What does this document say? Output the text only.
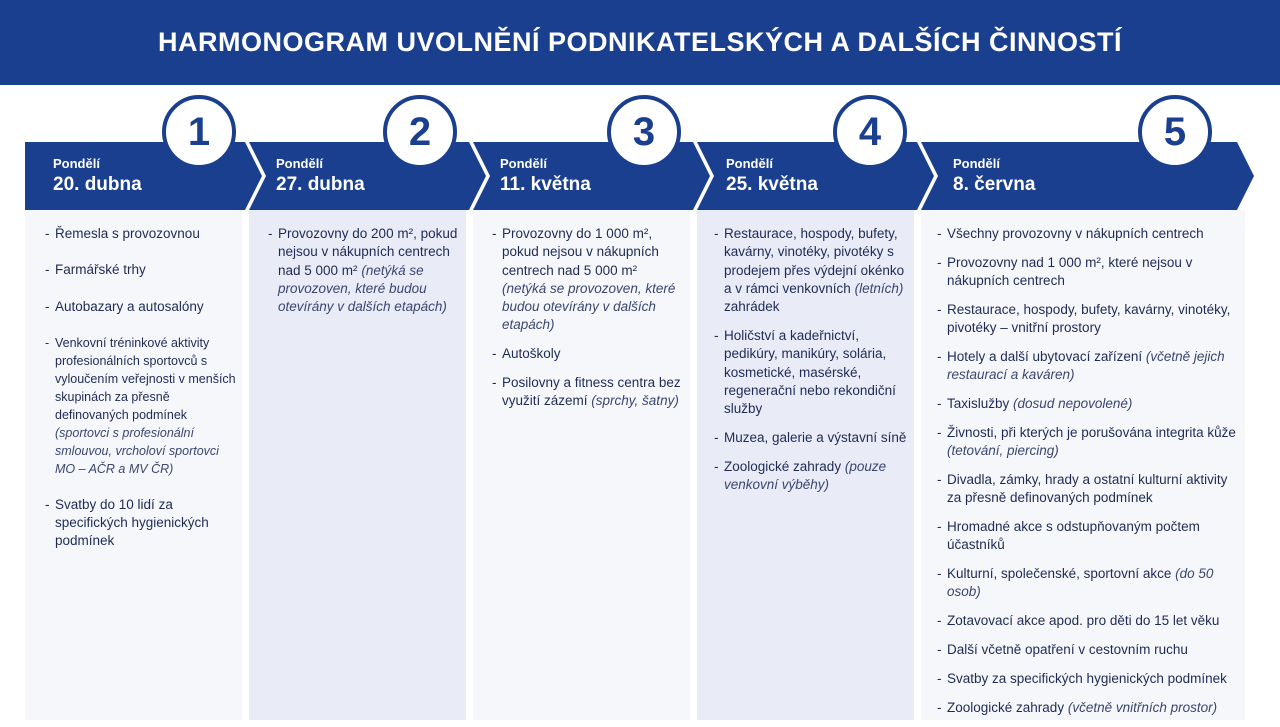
HARMONOGRAM UVOLNĚNÍ PODNIKATELSKÝCH A DALŠÍCH ČINNOSTÍ
Pondělí
20. dubna
Pondělí
27. dubna
Pondělí
11. května
Pondělí
25. května
Pondělí
8. června
1	2	3	4	5
- Řemesla s provozovnou
- Farmářské trhy
- Autobazary a autosalóny
- Venkovní tréninkové aktivity profesionálních sportovců s vyloučením veřejnosti v menších skupinách za přesně definovaných podmínek (sportovci s profesionální smlouvou, vrcholoví sportovci MO – AČR a MV ČR)
- Svatby do 10 lidí za specifických hygienických podmínek
- Provozovny do 200 m², pokud nejsou v nákupních centrech nad 5 000 m² (netýká se provozoven, které budou otevírány v dalších etapách)
- Provozovny do 1 000 m², pokud nejsou v nákupních centrech nad 5 000 m² (netýká se provozoven, které budou otevírány v dalších etapách)
- Autoškoly
- Posilovny a fitness centra bez využití zázemí (sprchy, šatny)
- Restaurace, hospody, bufety, kavárny, vinotéky, pivotéky s prodejem přes výdejní okénko a v rámci venkovních (letních) zahrádek
- Holičství a kadeřnictví, pedikúry, manikúry, solária, kosmetické, masérské, regenerační nebo rekondiční služby
- Muzea, galerie a výstavní síně
- Zoologické zahrady (pouze venkovní výběhy)
- Všechny provozovny v nákupních centrech
- Provozovny nad 1 000 m², které nejsou v nákupních centrech
- Restaurace, hospody, bufety, kavárny, vinotéky, pivotéky – vnitřní prostory
- Hotely a další ubytovací zařízení (včetně jejich restaurací a kaváren)
- Taxislužby (dosud nepovolené)
- Živnosti, při kterých je porušována integrita kůže (tetování, piercing)
- Divadla, zámky, hrady a ostatní kulturní aktivity za přesně definovaných podmínek
- Hromadné akce s odstupňovaným počtem účastníků
- Kulturní, společenské, sportovní akce (do 50 osob)
- Zotavovací akce apod. pro děti do 15 let věku
- Další včetně opatření v cestovním ruchu
- Svatby za specifických hygienických podmínek
- Zoologické zahrady (včetně vnitřních prostor)
